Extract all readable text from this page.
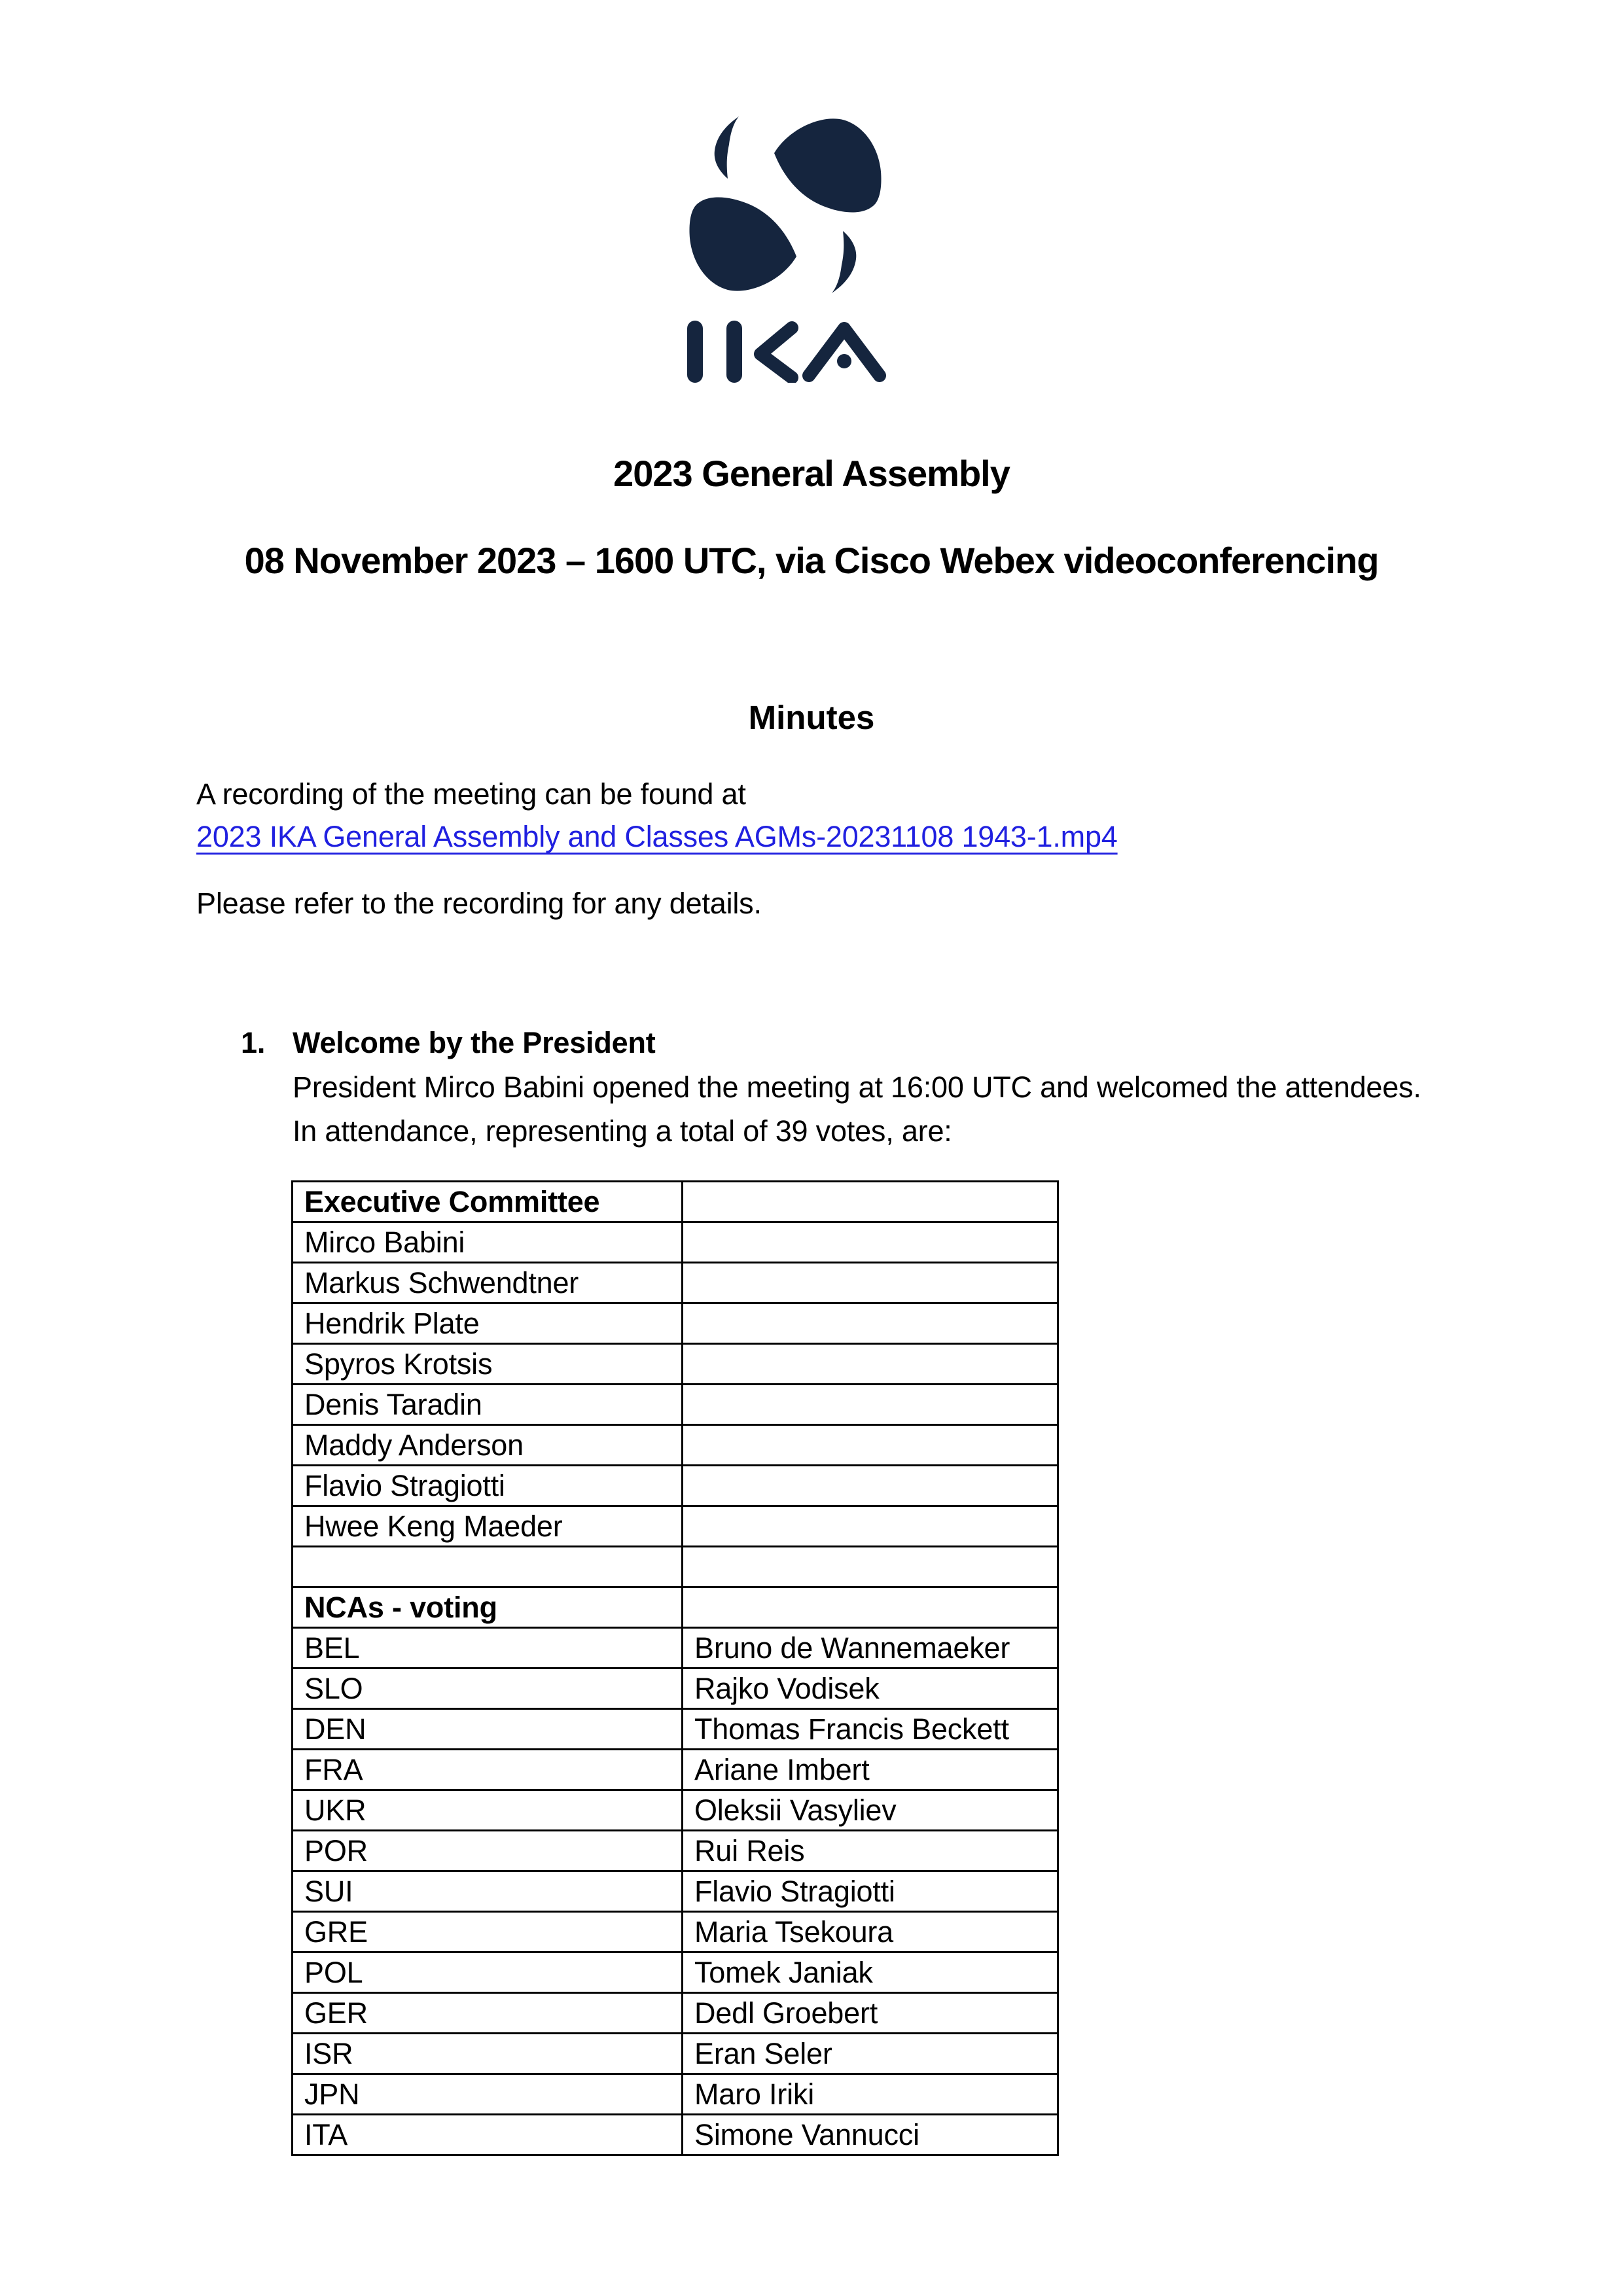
2023 General Assembly
08 November 2023 – 1600 UTC, via Cisco Webex videoconferencing
Minutes
A recording of the meeting can be found at
2023 IKA General Assembly and Classes AGMs-20231108 1943-1.mp4
Please refer to the recording for any details.
1. Welcome by the President
President Mirco Babini opened the meeting at 16:00 UTC and welcomed the attendees.
In attendance, representing a total of 39 votes, are:
Executive Committee	
Mirco Babini	
Markus Schwendtner	
Hendrik Plate	
Spyros Krotsis	
Denis Taradin	
Maddy Anderson	
Flavio Stragiotti	
Hwee Keng Maeder	

NCAs - voting	
BEL	Bruno de Wannemaeker
SLO	Rajko Vodisek
DEN	Thomas Francis Beckett
FRA	Ariane Imbert
UKR	Oleksii Vasyliev
POR	Rui Reis
SUI	Flavio Stragiotti
GRE	Maria Tsekoura
POL	Tomek Janiak
GER	Dedl Groebert
ISR	Eran Seler
JPN	Maro Iriki
ITA	Simone Vannucci
